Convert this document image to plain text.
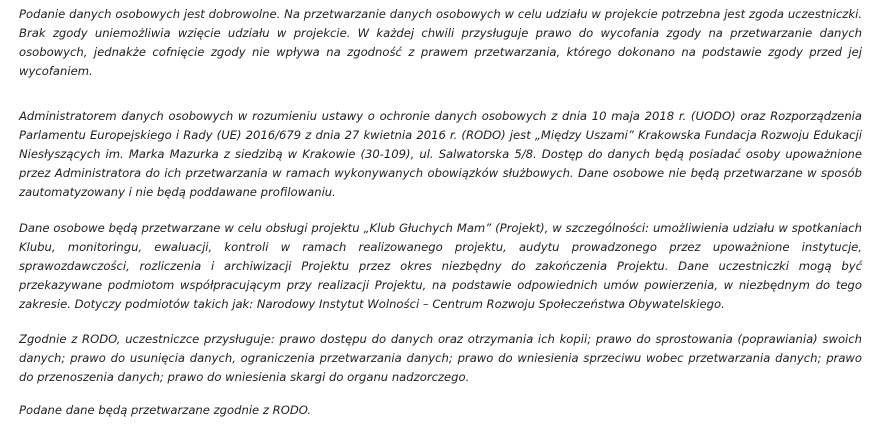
Podanie danych osobowych jest dobrowolne. Na przetwarzanie danych osobowych w celu udziału w projekcie potrzebna jest zgoda uczestniczki. Brak zgody uniemożliwia wzięcie udziału w projekcie. W każdej chwili przysługuje prawo do wycofania zgody na przetwarzanie danych osobowych, jednakże cofnięcie zgody nie wpływa na zgodność z prawem przetwarzania, którego dokonano na podstawie zgody przed jej wycofaniem.

Administratorem danych osobowych w rozumieniu ustawy o ochronie danych osobowych z dnia 10 maja 2018 r. (UODO) oraz Rozporządzenia Parlamentu Europejskiego i Rady (UE) 2016/679 z dnia 27 kwietnia 2016 r. (RODO) jest „Między Uszami” Krakowska Fundacja Rozwoju Edukacji Niesłyszących im. Marka Mazurka z siedzibą w Krakowie (30-109), ul. Salwatorska 5/8. Dostęp do danych będą posiadać osoby upoważnione przez Administratora do ich przetwarzania w ramach wykonywanych obowiązków służbowych. Dane osobowe nie będą przetwarzane w sposób zautomatyzowany i nie będą poddawane profilowaniu.

Dane osobowe będą przetwarzane w celu obsługi projektu „Klub Głuchych Mam” (Projekt), w szczególności: umożliwienia udziału w spotkaniach Klubu, monitoringu, ewaluacji, kontroli w ramach realizowanego projektu, audytu prowadzonego przez upoważnione instytucje, sprawozdawczości, rozliczenia i archiwizacji Projektu przez okres niezbędny do zakończenia Projektu. Dane uczestniczki mogą być przekazywane podmiotom współpracującym przy realizacji Projektu, na podstawie odpowiednich umów powierzenia, w niezbędnym do tego zakresie. Dotyczy podmiotów takich jak: Narodowy Instytut Wolności – Centrum Rozwoju Społeczeństwa Obywatelskiego.

Zgodnie z RODO, uczestniczce przysługuje: prawo dostępu do danych oraz otrzymania ich kopii; prawo do sprostowania (poprawiania) swoich danych; prawo do usunięcia danych, ograniczenia przetwarzania danych; prawo do wniesienia sprzeciwu wobec przetwarzania danych; prawo do przenoszenia danych; prawo do wniesienia skargi do organu nadzorczego.

Podane dane będą przetwarzane zgodnie z RODO.
